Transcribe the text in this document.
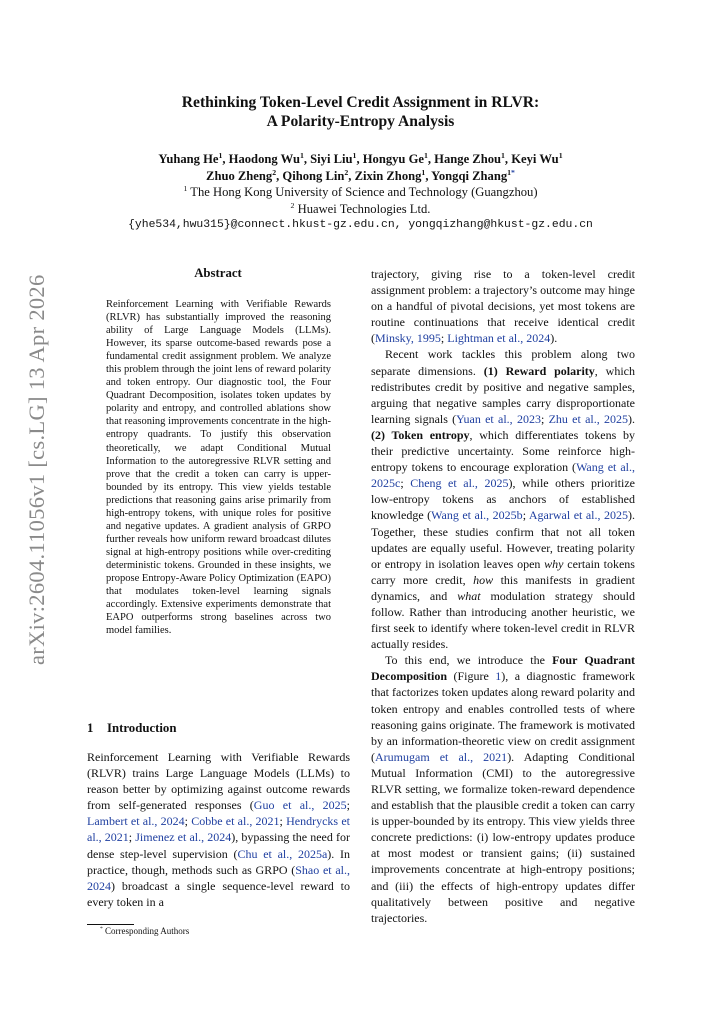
arXiv:2604.11056v1 [cs.LG] 13 Apr 2026
Rethinking Token-Level Credit Assignment in RLVR:
A Polarity-Entropy Analysis
Yuhang He$^1$, Haodong Wu$^1$, Siyi Liu$^1$, Hongyu Ge$^1$, Hange Zhou$^1$, Keyi Wu$^1$
Zhuo Zheng$^2$, Qihong Lin$^2$, Zixin Zhong$^1$, Yongqi Zhang$^{1*}$
$^1$ The Hong Kong University of Science and Technology (Guangzhou)
$^2$ Huawei Technologies Ltd.
{yhe534,hwu315}@connect.hkust-gz.edu.cn, yongqizhang@hkust-gz.edu.cn
Abstract

Reinforcement Learning with Verifiable Rewards (RLVR) has substantially improved the reasoning ability of Large Language Models (LLMs). However, its sparse outcome-based rewards pose a fundamental credit assignment problem. We analyze this problem through the joint lens of reward polarity and token entropy. Our diagnostic tool, the Four Quadrant Decomposition, isolates token updates by polarity and entropy, and controlled ablations show that reasoning improvements concentrate in the high-entropy quadrants. To justify this observation theoretically, we adapt Conditional Mutual Information to the autoregressive RLVR setting and prove that the credit a token can carry is upper-bounded by its entropy. This view yields testable predictions that reasoning gains arise primarily from high-entropy tokens, with unique roles for positive and negative updates. A gradient analysis of GRPO further reveals how uniform reward broadcast dilutes signal at high-entropy positions while over-crediting deterministic tokens. Grounded in these insights, we propose Entropy-Aware Policy Optimization (EAPO) that modulates token-level learning signals accordingly. Extensive experiments demonstrate that EAPO outperforms strong baselines across two model families.

1 Introduction

Reinforcement Learning with Verifiable Rewards (RLVR) trains Large Language Models (LLMs) to reason better by optimizing against outcome rewards from self-generated responses (Guo et al., 2025; Lambert et al., 2024; Cobbe et al., 2021; Hendrycks et al., 2021; Jimenez et al., 2024), bypassing the need for dense step-level supervision (Chu et al., 2025a). In practice, though, methods such as GRPO (Shao et al., 2024) broadcast a single sequence-level reward to every token in a

* Corresponding Authors

trajectory, giving rise to a token-level credit assignment problem: a trajectory’s outcome may hinge on a handful of pivotal decisions, yet most tokens are routine continuations that receive identical credit (Minsky, 1995; Lightman et al., 2024).

Recent work tackles this problem along two separate dimensions. (1) Reward polarity, which redistributes credit by positive and negative samples, arguing that negative samples carry disproportionate learning signals (Yuan et al., 2023; Zhu et al., 2025). (2) Token entropy, which differentiates tokens by their predictive uncertainty. Some reinforce high-entropy tokens to encourage exploration (Wang et al., 2025c; Cheng et al., 2025), while others prioritize low-entropy tokens as anchors of established knowledge (Wang et al., 2025b; Agarwal et al., 2025). Together, these studies confirm that not all token updates are equally useful. However, treating polarity or entropy in isolation leaves open why certain tokens carry more credit, how this manifests in gradient dynamics, and what modulation strategy should follow. Rather than introducing another heuristic, we first seek to identify where token-level credit in RLVR actually resides.

To this end, we introduce the Four Quadrant Decomposition (Figure 1), a diagnostic framework that factorizes token updates along reward polarity and token entropy and enables controlled tests of where reasoning gains originate. The framework is motivated by an information-theoretic view on credit assignment (Arumugam et al., 2021). Adapting Conditional Mutual Information (CMI) to the autoregressive RLVR setting, we formalize token-reward dependence and establish that the plausible credit a token can carry is upper-bounded by its entropy. This view yields three concrete predictions: (i) low-entropy updates produce at most modest or transient gains; (ii) sustained improvements concentrate at high-entropy positions; and (iii) the effects of high-entropy updates differ qualitatively between positive and negative trajectories.
